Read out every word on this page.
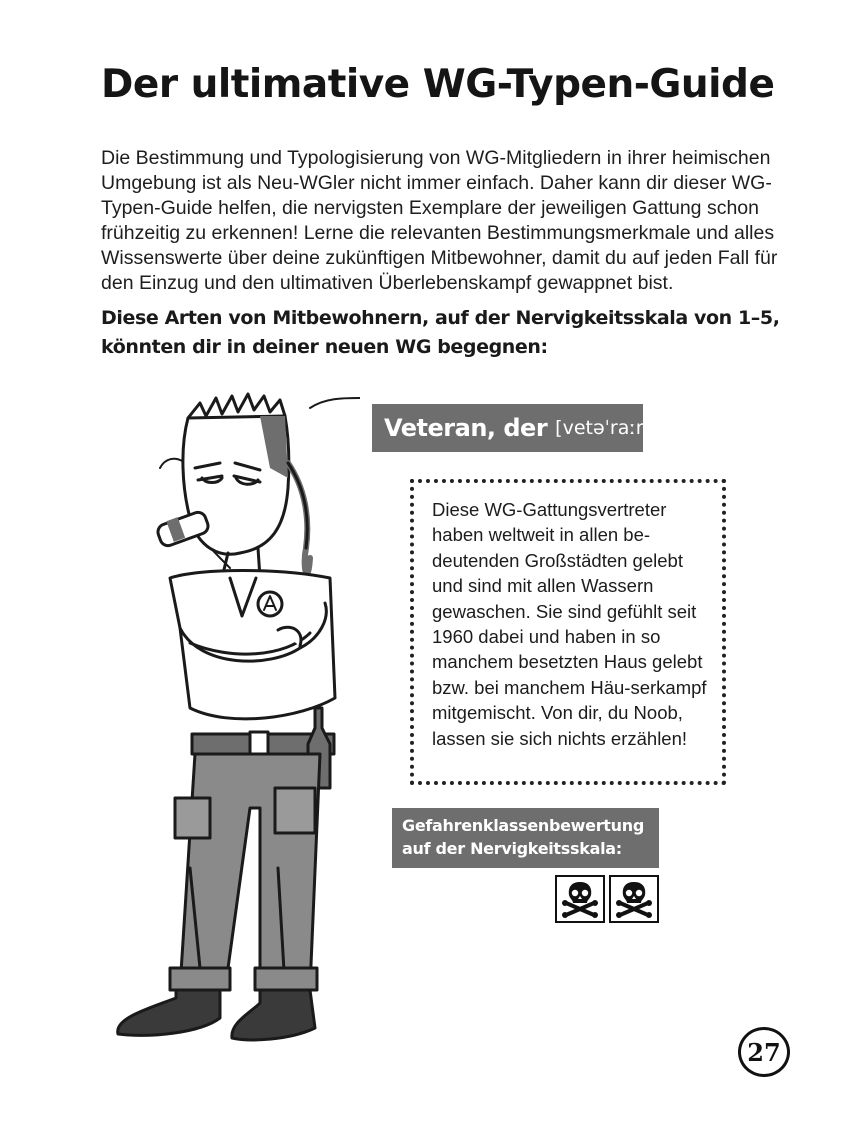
Der ultimative WG-Typen-Guide

Die Bestimmung und Typologisierung von WG-Mitgliedern in ihrer heimischen Umgebung ist als Neu-WGler nicht immer einfach. Daher kann dir dieser WG-Typen-Guide helfen, die nervigsten Exemplare der jeweiligen Gattung schon frühzeitig zu erkennen! Lerne die relevanten Bestimmungsmerkmale und alles Wissenswerte über deine zukünftigen Mitbewohner, damit du auf jeden Fall für den Einzug und den ultimativen Überlebenskampf gewappnet bist.

Diese Arten von Mitbewohnern, auf der Nervigkeitsskala von 1–5, könnten dir in deiner neuen WG begegnen:

Veteran, der [vetəˈraːn]

Diese WG-Gattungsvertreter haben weltweit in allen be-deutenden Großstädten gelebt und sind mit allen Wassern gewaschen. Sie sind gefühlt seit 1960 dabei und haben in so manchem besetzten Haus gelebt bzw. bei manchem Häu-serkampf mitgemischt. Von dir, du Noob, lassen sie sich nichts erzählen!

Gefahrenklassenbewertung
auf der Nervigkeitsskala:
27
